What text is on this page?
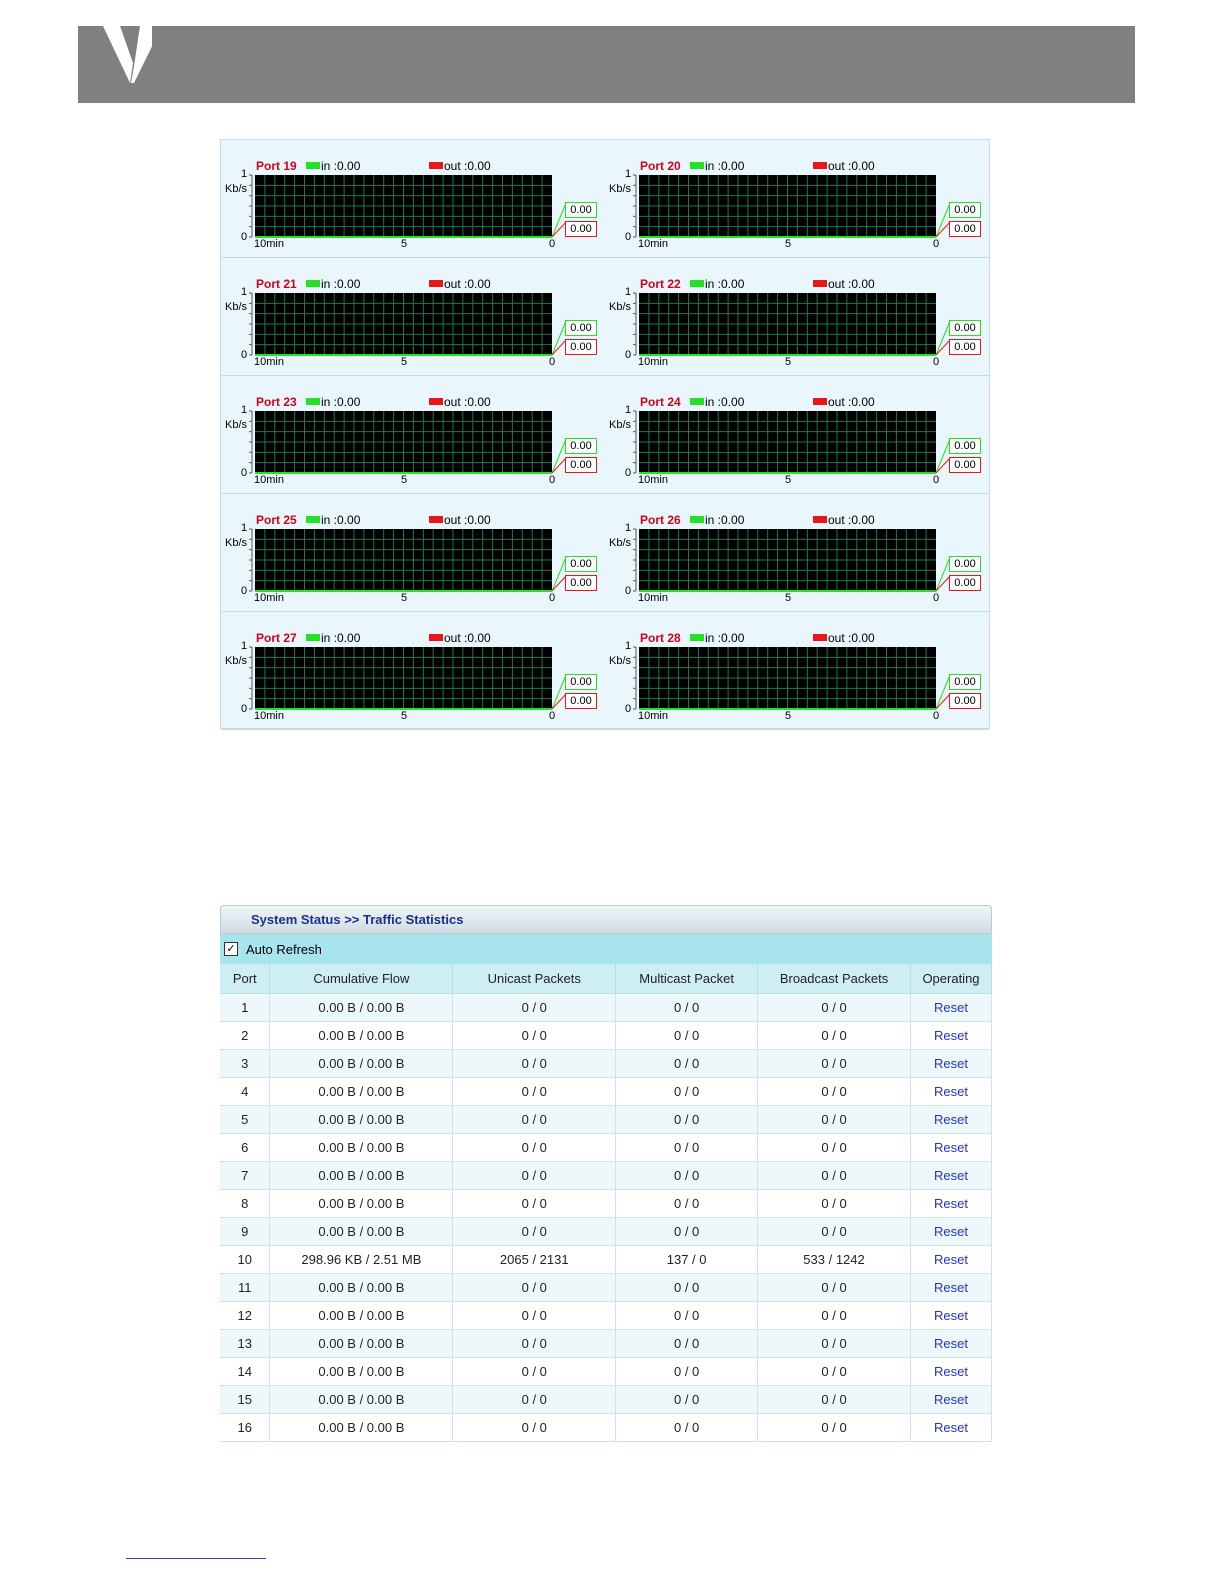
Port 19 in :0.00	out :0.00
1
Kb/s
0
10min	5	0
0.00
0.00
Port 20 in :0.00	out :0.00
1
Kb/s
0
10min	5	0
0.00
0.00
Port 21 in :0.00	out :0.00
1
Kb/s
0
10min	5	0
0.00
0.00
Port 22 in :0.00	out :0.00
1
Kb/s
0
10min	5	0
0.00
0.00
Port 23 in :0.00	out :0.00
1
Kb/s
0
10min	5	0
0.00
0.00
Port 24 in :0.00	out :0.00
1
Kb/s
0
10min	5	0
0.00
0.00
Port 25 in :0.00	out :0.00
1
Kb/s
0
10min	5	0
0.00
0.00
Port 26 in :0.00	out :0.00
1
Kb/s
0
10min	5	0
0.00
0.00
Port 27 in :0.00	out :0.00
1
Kb/s
0
10min	5	0
0.00
0.00
Port 28 in :0.00	out :0.00
1
Kb/s
0
10min	5	0
0.00
0.00
System Status >> Traffic Statistics
✓ Auto Refresh
Port	Cumulative Flow	Unicast Packets	Multicast Packet	Broadcast Packets	Operating
1	0.00 B / 0.00 B	0 / 0	0 / 0	0 / 0	Reset
2	0.00 B / 0.00 B	0 / 0	0 / 0	0 / 0	Reset
3	0.00 B / 0.00 B	0 / 0	0 / 0	0 / 0	Reset
4	0.00 B / 0.00 B	0 / 0	0 / 0	0 / 0	Reset
5	0.00 B / 0.00 B	0 / 0	0 / 0	0 / 0	Reset
6	0.00 B / 0.00 B	0 / 0	0 / 0	0 / 0	Reset
7	0.00 B / 0.00 B	0 / 0	0 / 0	0 / 0	Reset
8	0.00 B / 0.00 B	0 / 0	0 / 0	0 / 0	Reset
9	0.00 B / 0.00 B	0 / 0	0 / 0	0 / 0	Reset
10	298.96 KB / 2.51 MB	2065 / 2131	137 / 0	533 / 1242	Reset
11	0.00 B / 0.00 B	0 / 0	0 / 0	0 / 0	Reset
12	0.00 B / 0.00 B	0 / 0	0 / 0	0 / 0	Reset
13	0.00 B / 0.00 B	0 / 0	0 / 0	0 / 0	Reset
14	0.00 B / 0.00 B	0 / 0	0 / 0	0 / 0	Reset
15	0.00 B / 0.00 B	0 / 0	0 / 0	0 / 0	Reset
16	0.00 B / 0.00 B	0 / 0	0 / 0	0 / 0	Reset
